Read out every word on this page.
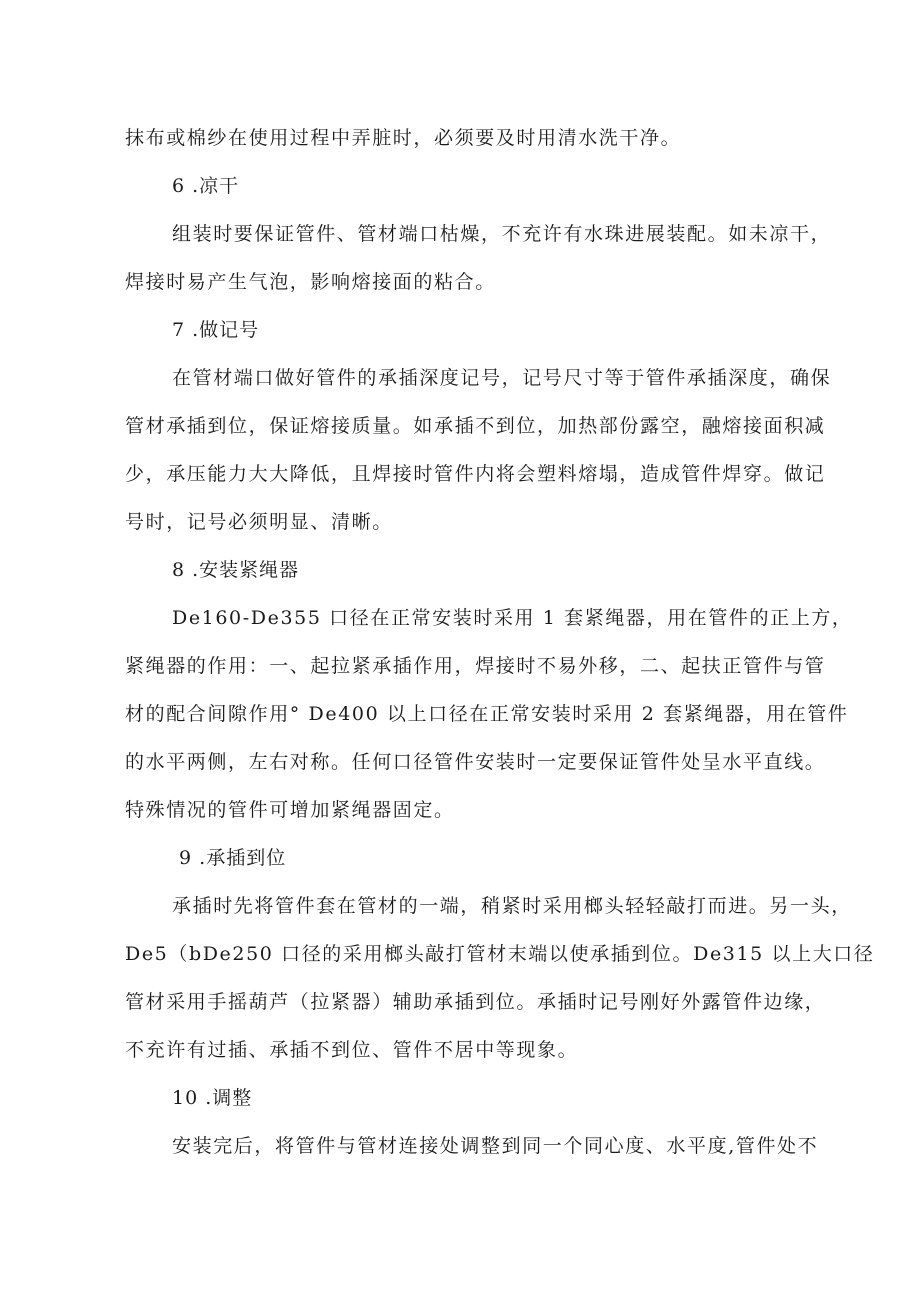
抹布或棉纱在使用过程中弄脏时，必须要及时用清水洗干净。
6 .凉干
组装时要保证管件、管材端口枯燥，不充许有水珠进展装配。如未凉干，
焊接时易产生气泡，影响熔接面的粘合。
7 .做记号
在管材端口做好管件的承插深度记号，记号尺寸等于管件承插深度，确保
管材承插到位，保证熔接质量。如承插不到位，加热部份露空，融熔接面积减
少，承压能力大大降低，且焊接时管件内将会塑料熔塌，造成管件焊穿。做记
号时，记号必须明显、清晰。
8 .安装紧绳器
De160-De355 口径在正常安装时采用 1 套紧绳器，用在管件的正上方，
紧绳器的作用：一、起拉紧承插作用，焊接时不易外移，二、起扶正管件与管
材的配合间隙作用° De400 以上口径在正常安装时采用 2 套紧绳器，用在管件
的水平两侧，左右对称。任何口径管件安装时一定要保证管件处呈水平直线。
特殊情况的管件可增加紧绳器固定。
9 .承插到位
承插时先将管件套在管材的一端，稍紧时采用榔头轻轻敲打而进。另一头，
De5（bDe250 口径的采用榔头敲打管材末端以使承插到位。De315 以上大口径
管材采用手摇葫芦（拉紧器）辅助承插到位。承插时记号刚好外露管件边缘，
不充许有过插、承插不到位、管件不居中等现象。
10 .调整
安装完后，将管件与管材连接处调整到同一个同心度、水平度,管件处不
